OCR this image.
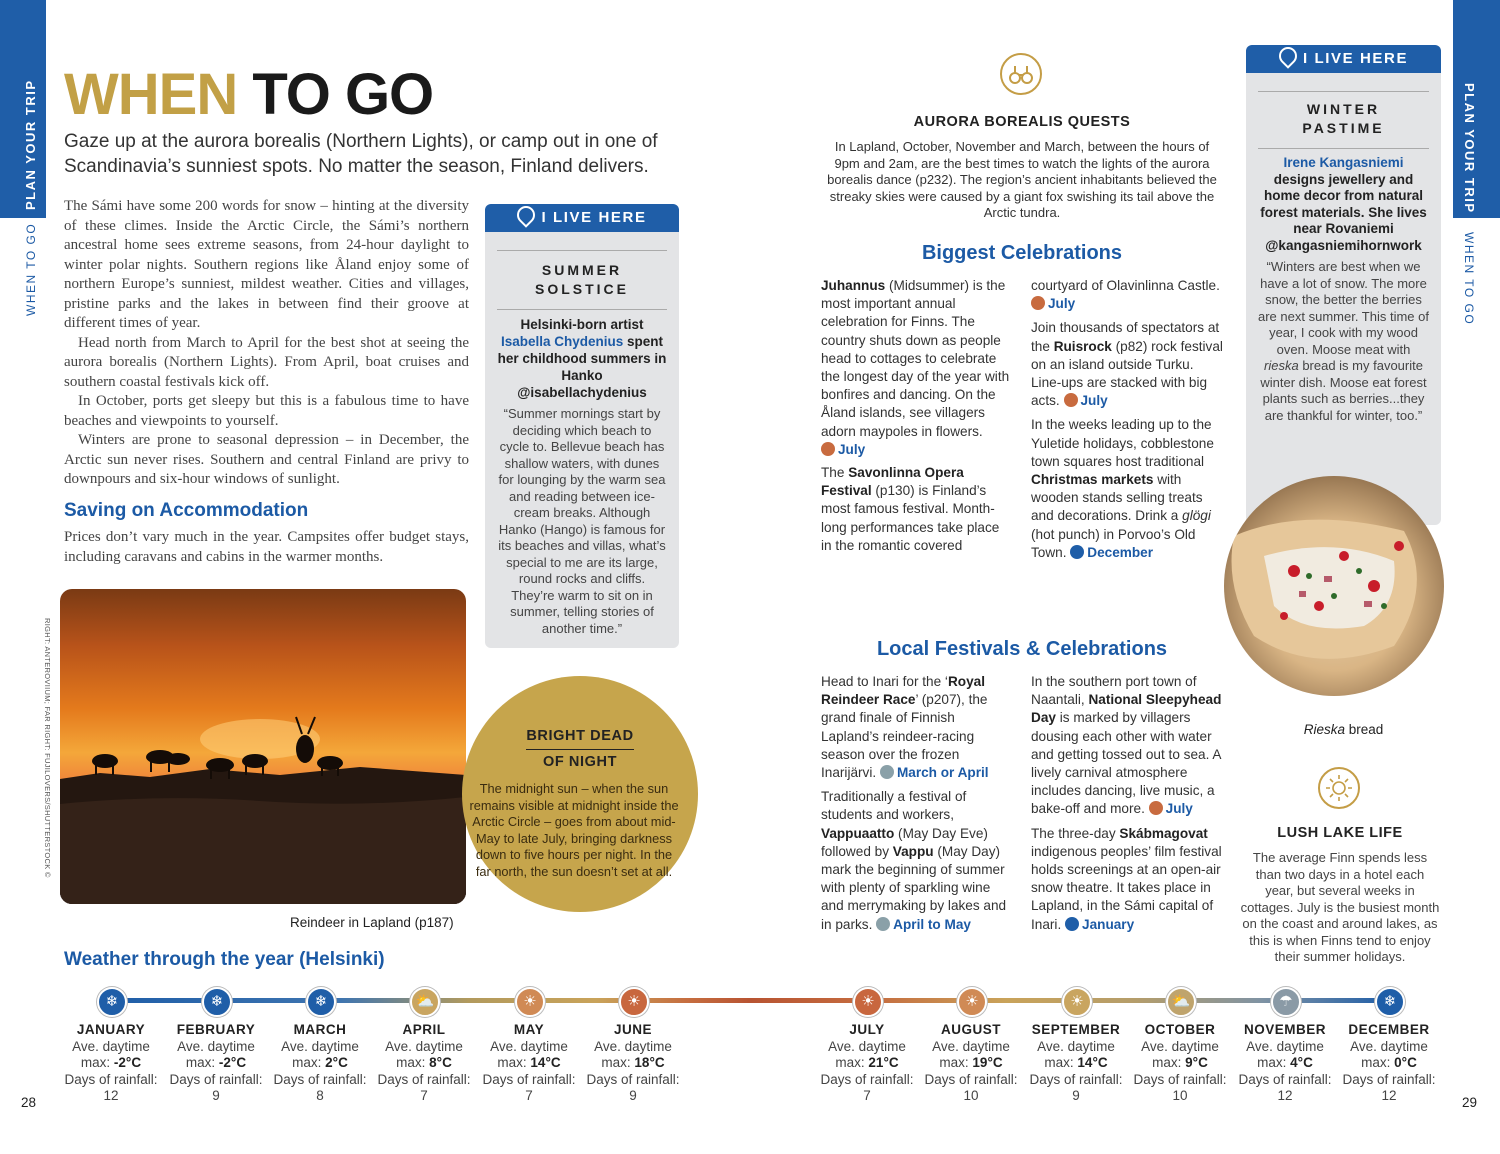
PLAN YOUR TRIP
WHEN TO GO
PLAN YOUR TRIP
WHEN TO GO
WHEN TO GO
Gaze up at the aurora borealis (Northern Lights), or camp out in one of Scandinavia’s sunniest spots. No matter the season, Finland delivers.
The Sámi have some 200 words for snow – hinting at the diversity of these climes. Inside the Arctic Circle, the Sámi’s northern ancestral home sees extreme seasons, from 24-hour daylight to winter polar nights. Southern regions like Åland enjoy some of northern Europe’s sunniest, mildest weather. Cities and villages, pristine parks and the lakes in between find their groove at different times of year.
Head north from March to April for the best shot at seeing the aurora borealis (Northern Lights). From April, boat cruises and southern coastal festivals kick off.
In October, ports get sleepy but this is a fabulous time to have beaches and viewpoints to yourself.
Winters are prone to seasonal depression – in December, the Arctic sun never rises. Southern and central Finland are privy to downpours and six-hour windows of sunlight.
Saving on Accommodation
Prices don’t vary much in the year. Campsites offer budget stays, including caravans and cabins in the warmer months.
RIGHT: ANTEROVIIUM; FAR RIGHT: FUJILOVERS/SHUTTERSTOCK ©
Reindeer in Lapland (p187)
I LIVE HERE
SUMMER
SOLSTICE
Helsinki-born artist Isabella Chydenius spent her childhood summers in Hanko
@isabellachydenius
“Summer mornings start by deciding which beach to cycle to. Bellevue beach has shallow waters, with dunes for lounging by the warm sea and reading between ice-cream breaks. Although Hanko (Hango) is famous for its beaches and villas, what’s special to me are its large, round rocks and cliffs. They’re warm to sit on in summer, telling stories of another time.”
BRIGHT DEAD
OF NIGHT
The midnight sun – when the sun remains visible at midnight inside the Arctic Circle – goes from about mid-May to late July, bringing darkness down to five hours per night. In the far north, the sun doesn’t set at all.
AURORA BOREALIS QUESTS
In Lapland, October, November and March, between the hours of 9pm and 2am, are the best times to watch the lights of the aurora borealis dance (p232). The region’s ancient inhabitants believed the streaky skies were caused by a giant fox swishing its tail above the Arctic tundra.
Biggest Celebrations
Juhannus (Midsummer) is the most important annual celebration for Finns. The country shuts down as people head to cottages to celebrate the longest day of the year with bonfires and dancing. On the Åland islands, see villagers adorn maypoles in flowers.
July
The Savonlinna Opera Festival (p130) is Finland’s most famous festival. Month-long performances take place in the romantic covered
courtyard of Olavinlinna Castle. July
Join thousands of spectators at the Ruisrock (p82) rock festival on an island outside Turku. Line-ups are stacked with big acts. July
In the weeks leading up to the Yuletide holidays, cobblestone town squares host traditional Christmas markets with wooden stands selling treats and decorations. Drink a glögi (hot punch) in Porvoo’s Old Town. December
Local Festivals & Celebrations
Head to Inari for the ‘Royal Reindeer Race’ (p207), the grand finale of Finnish Lapland’s reindeer-racing season over the frozen Inarijärvi. March or April
Traditionally a festival of students and workers, Vappuaatto (May Day Eve) followed by Vappu (May Day) mark the beginning of summer with plenty of sparkling wine and merrymaking by lakes and in parks. April to May
In the southern port town of Naantali, National Sleepyhead Day is marked by villagers dousing each other with water and getting tossed out to sea. A lively carnival atmosphere includes dancing, live music, a bake-off and more. July
The three-day Skábmagovat indigenous peoples’ film festival holds screenings at an open-air snow theatre. It takes place in Lapland, in the Sámi capital of Inari. January
I LIVE HERE
WINTER
PASTIME
Irene Kangasniemi
designs jewellery and home decor from natural forest materials. She lives near Rovaniemi
@kangasniemihornwork
“Winters are best when we have a lot of snow. The more snow, the better the berries are next summer. This time of year, I cook with my wood oven. Moose meat with rieska bread is my favourite winter dish. Moose eat forest plants such as berries...they are thankful for winter, too.”
Rieska bread
LUSH LAKE LIFE
The average Finn spends less than two days in a hotel each year, but several weeks in cottages. July is the busiest month on the coast and around lakes, as this is when Finns tend to enjoy their summer holidays.
Weather through the year (Helsinki)
❄	❄	❄	⛅	☀	☀	☀	☀	☀	⛅	☂	❄
JANUARY
Ave. daytime
max: -2°C
Days of rainfall:
12
FEBRUARY
Ave. daytime
max: -2°C
Days of rainfall:
9
MARCH
Ave. daytime
max: 2°C
Days of rainfall:
8
APRIL
Ave. daytime
max: 8°C
Days of rainfall:
7
MAY
Ave. daytime
max: 14°C
Days of rainfall:
7
JUNE
Ave. daytime
max: 18°C
Days of rainfall:
9
JULY
Ave. daytime
max: 21°C
Days of rainfall:
7
AUGUST
Ave. daytime
max: 19°C
Days of rainfall:
10
SEPTEMBER
Ave. daytime
max: 14°C
Days of rainfall:
9
OCTOBER
Ave. daytime
max: 9°C
Days of rainfall:
10
NOVEMBER
Ave. daytime
max: 4°C
Days of rainfall:
12
DECEMBER
Ave. daytime
max: 0°C
Days of rainfall:
12
28	29
